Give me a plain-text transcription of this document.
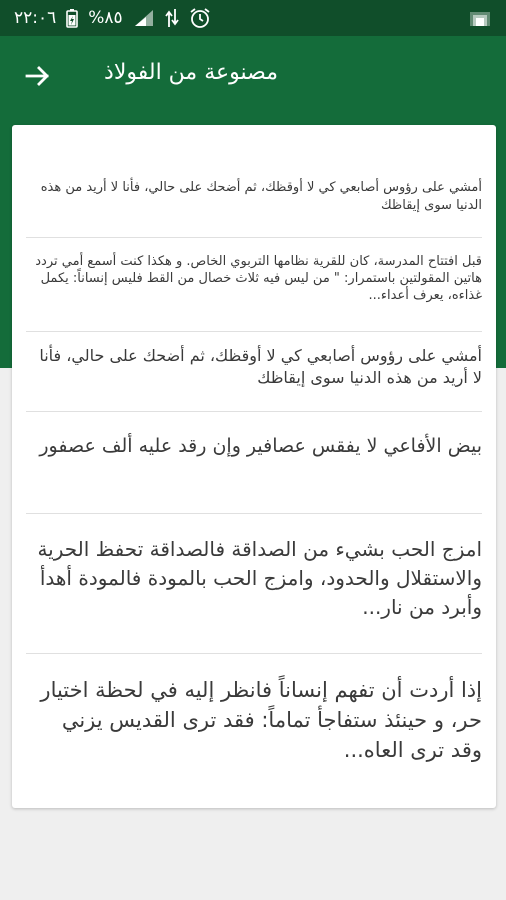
٢٢:٠٦ %٨٥
مصنوعة من الفولاذ
أمشي على رؤوس أصابعي كي لا أوقظك، ثم أضحك على حالي، فأنا لا أريد من هذه الدنيا سوى إيقاظك
قبل افتتاح المدرسة، كان للقرية نظامها التربوي الخاص. و هكذا كنت أسمع أمي تردد هاتين المقولتين باستمرار: " من ليس فيه ثلاث خصال من القط فليس إنساناً: يكمل غذاءه، يعرف أعداء...
أمشي على رؤوس أصابعي كي لا أوقظك، ثم أضحك على حالي، فأنا لا أريد من هذه الدنيا سوى إيقاظك
بيض الأفاعي لا يفقس عصافير وإن رقد عليه ألف عصفور
امزج الحب بشيء من الصداقة فالصداقة تحفظ الحرية والاستقلال والحدود، وامزج الحب بالمودة فالمودة أهدأ وأبرد من نار...
إذا أردت أن تفهم إنساناً فانظر إليه في لحظة اختيار حر، و حينئذ ستفاجأ تماماً: فقد ترى القديس يزني وقد ترى العاه...
